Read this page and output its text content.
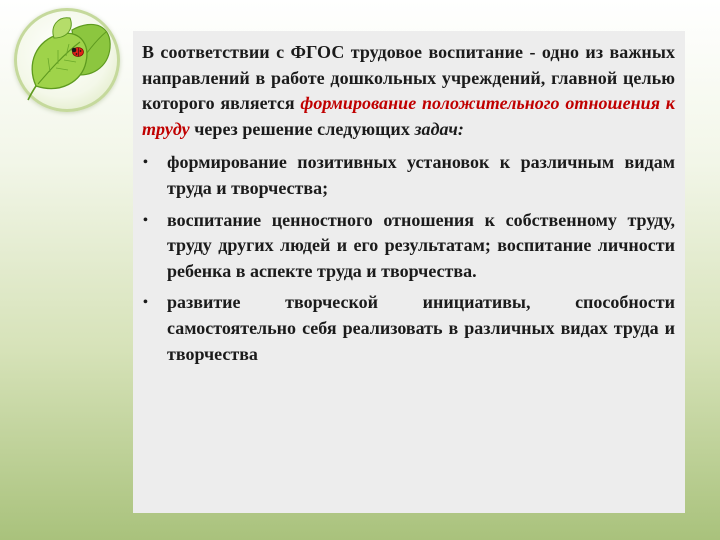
В соответствии с ФГОС трудовое воспитание - одно из важных направлений в работе дошкольных учреждений, главной целью которого является формирование положительного отношения к труду через решение следующих задач:

• формирование позитивных установок к различным видам труда и творчества;
• воспитание ценностного отношения к собственному труду, труду других людей и его результатам; воспитание личности ребенка в аспекте труда и творчества.
• развитие творческой инициативы, способности самостоятельно себя реализовать в различных видах труда и творчества
